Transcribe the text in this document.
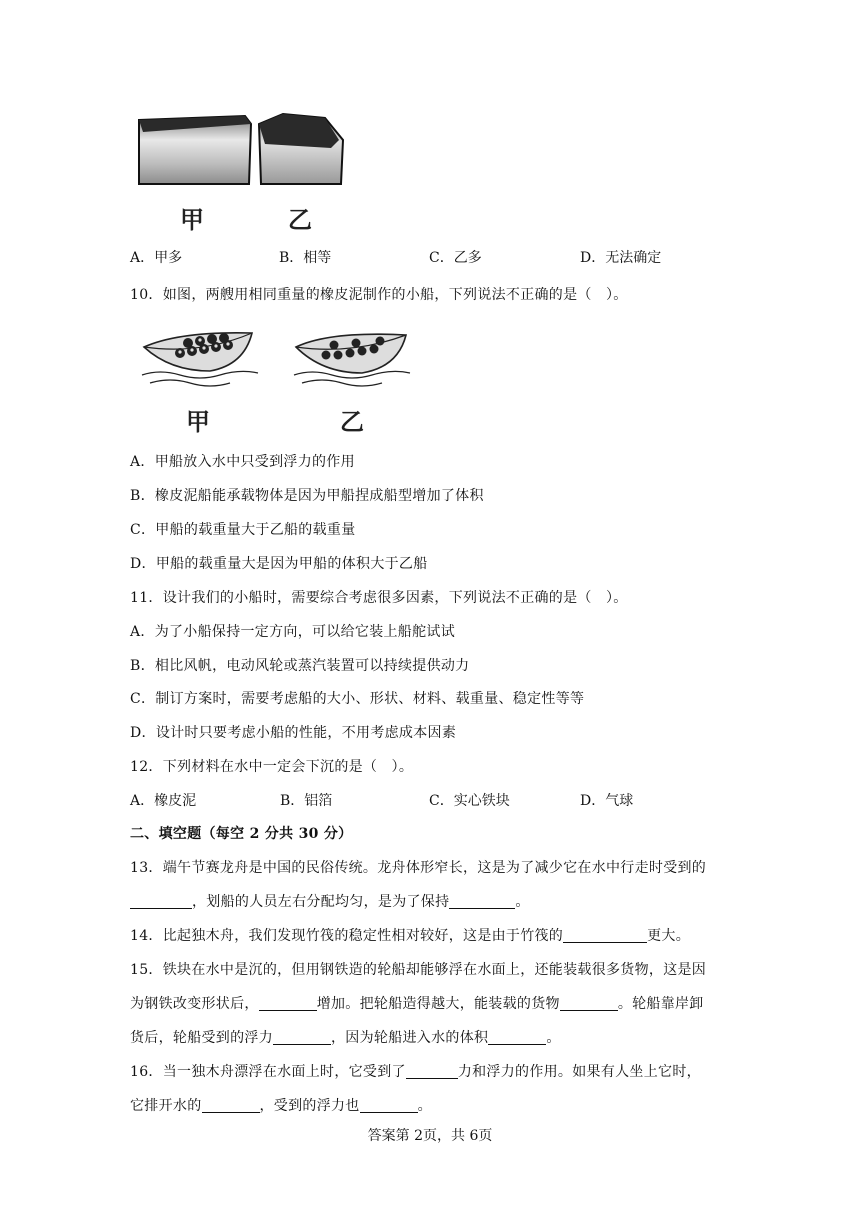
甲	乙
A．甲多	B．相等	C．乙多	D．无法确定
10．如图，两艘用相同重量的橡皮泥制作的小船，下列说法不正确的是（　）。
甲	乙
A．甲船放入水中只受到浮力的作用
B．橡皮泥船能承载物体是因为甲船捏成船型增加了体积
C．甲船的载重量大于乙船的载重量
D．甲船的载重量大是因为甲船的体积大于乙船
11．设计我们的小船时，需要综合考虑很多因素，下列说法不正确的是（　）。
A．为了小船保持一定方向，可以给它装上船舵试试
B．相比风帆，电动风轮或蒸汽装置可以持续提供动力
C．制订方案时，需要考虑船的大小、形状、材料、载重量、稳定性等等
D．设计时只要考虑小船的性能，不用考虑成本因素
12．下列材料在水中一定会下沉的是（　）。
A．橡皮泥	B．铝箔	C．实心铁块	D．气球
二、填空题（每空 2 分共 30 分）
13．端午节赛龙舟是中国的民俗传统。龙舟体形窄长，这是为了减少它在水中行走时受到的
，划船的人员左右分配均匀，是为了保持	。
14．比起独木舟，我们发现竹筏的稳定性相对较好，这是由于竹筏的	更大。
15．铁块在水中是沉的，但用钢铁造的轮船却能够浮在水面上，还能装载很多货物，这是因
为钢铁改变形状后，	增加。把轮船造得越大，能装载的货物	。轮船靠岸卸
货后，轮船受到的浮力	，因为轮船进入水的体积	。
16．当一独木舟漂浮在水面上时，它受到了	力和浮力的作用。如果有人坐上它时，
它排开水的	，受到的浮力也	。
答案第 2页，共 6页
